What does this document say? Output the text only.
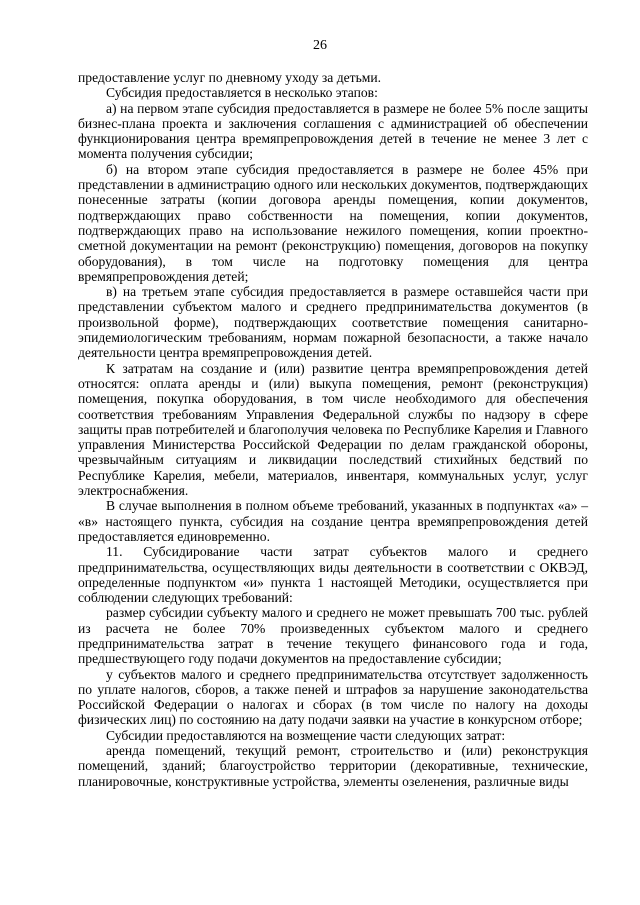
26

предоставление услуг по дневному уходу за детьми.

Субсидия предоставляется в несколько этапов:

а) на первом этапе субсидия предоставляется в размере не более 5% после защиты бизнес-плана проекта и заключения соглашения с администрацией об обеспечении функционирования центра времяпрепровождения детей в течение не менее 3 лет с момента получения субсидии;

б) на втором этапе субсидия предоставляется в размере не более 45% при представлении в администрацию одного или нескольких документов, подтверждающих понесенные затраты (копии договора аренды помещения, копии документов, подтверждающих право собственности на помещения, копии документов, подтверждающих право на использование нежилого помещения, копии проектно-сметной документации на ремонт (реконструкцию) помещения, договоров на покупку оборудования), в том числе на подготовку помещения для центра времяпрепровождения детей;

в) на третьем этапе субсидия предоставляется в размере оставшейся части при представлении субъектом малого и среднего предпринимательства документов (в произвольной форме), подтверждающих соответствие помещения санитарно-эпидемиологическим требованиям, нормам пожарной безопасности, а также начало деятельности центра времяпрепровождения детей.

К затратам на создание и (или) развитие центра времяпрепровождения детей относятся: оплата аренды и (или) выкупа помещения, ремонт (реконструкция) помещения, покупка оборудования, в том числе необходимого для обеспечения соответствия требованиям Управления Федеральной службы по надзору в сфере защиты прав потребителей и благополучия человека по Республике Карелия и Главного управления Министерства Российской Федерации по делам гражданской обороны, чрезвычайным ситуациям и ликвидации последствий стихийных бедствий по Республике Карелия, мебели, материалов, инвентаря, коммунальных услуг, услуг электроснабжения.

В случае выполнения в полном объеме требований, указанных в подпунктах «а» – «в» настоящего пункта, субсидия на создание центра времяпрепровождения детей предоставляется единовременно.

11. Субсидирование части затрат субъектов малого и среднего предпринимательства, осуществляющих виды деятельности в соответствии с ОКВЭД, определенные подпунктом «и» пункта 1 настоящей Методики, осуществляется при соблюдении следующих требований:

размер субсидии субъекту малого и среднего не может превышать 700 тыс. рублей из расчета не более 70% произведенных субъектом малого и среднего предпринимательства затрат в течение текущего финансового года и года, предшествующего году подачи документов на предоставление субсидии;

у субъектов малого и среднего предпринимательства отсутствует задолженность по уплате налогов, сборов, а также пеней и штрафов за нарушение законодательства Российской Федерации о налогах и сборах (в том числе по налогу на доходы физических лиц) по состоянию на дату подачи заявки на участие в конкурсном отборе;

Субсидии предоставляются на возмещение части следующих затрат:

аренда помещений, текущий ремонт, строительство и (или) реконструкция помещений, зданий; благоустройство территории (декоративные, технические, планировочные, конструктивные устройства, элементы озеленения, различные виды
